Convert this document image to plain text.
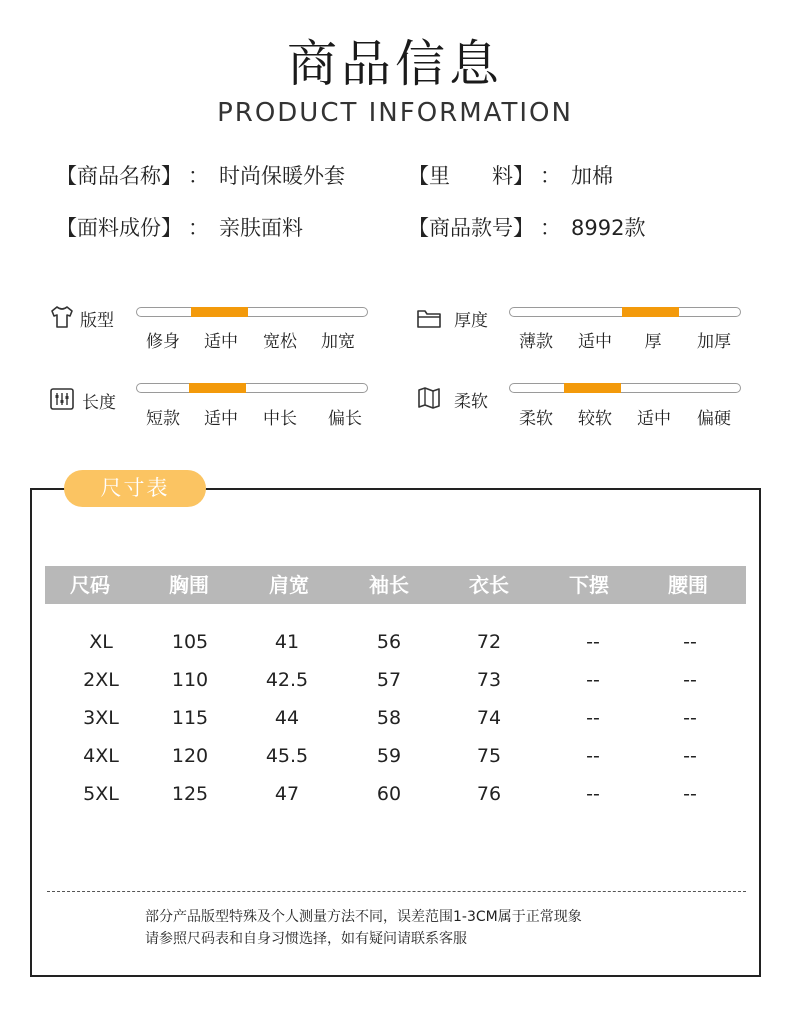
商品信息
PRODUCT INFORMATION
【商品名称】 ： 时尚保暖外套	【里　　料】 ： 加棉
【面料成份】 ： 亲肤面料	【商品款号】 ： 8992款
版型
修身 适中 宽松 加宽
厚度
薄款 适中 厚 加厚
长度
短款 适中 中长 偏长
柔软
柔软 较软 适中 偏硬
尺寸表
尺码	胸围	肩宽	袖长	衣长	下摆	腰围
XL	105	41	56	72	--	--
2XL	110	42.5	57	73	--	--
3XL	115	44	58	74	--	--
4XL	120	45.5	59	75	--	--
5XL	125	47	60	76	--	--
部分产品版型特殊及个人测量方法不同，误差范围1-3CM属于正常现象
请参照尺码表和自身习惯选择，如有疑问请联系客服
